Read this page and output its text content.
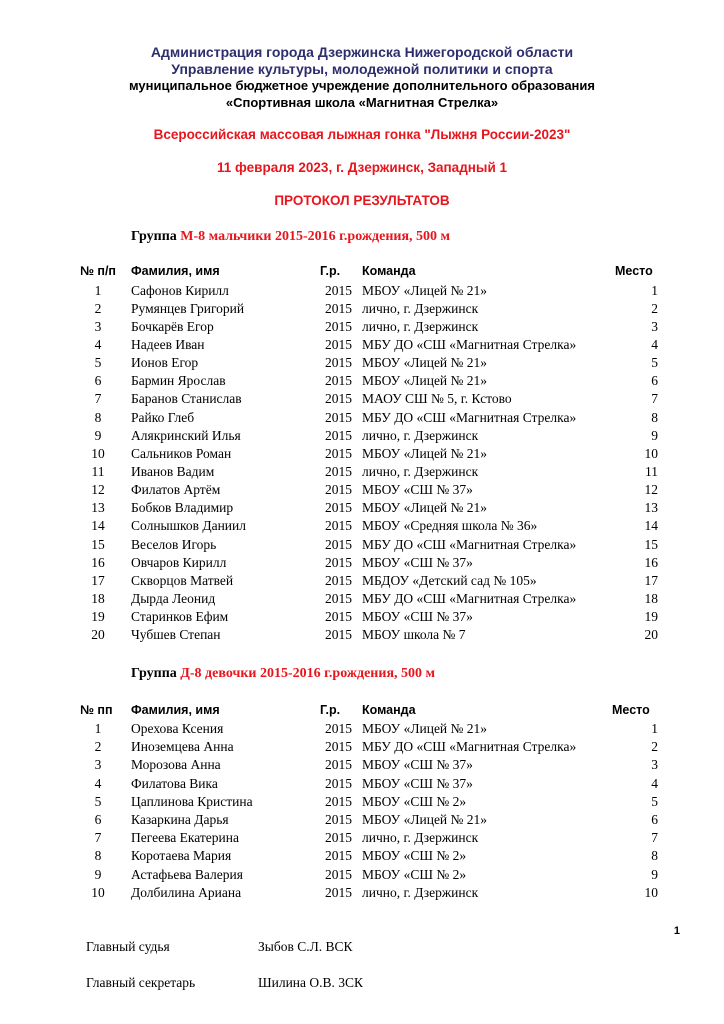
Администрация города Дзержинска Нижегородской области
Управление культуры, молодежной политики и спорта
муниципальное бюджетное учреждение дополнительного образования
«Спортивная школа «Магнитная Стрелка»
Всероссийская массовая лыжная гонка "Лыжня России-2023"
11 февраля 2023, г. Дзержинск, Западный 1
ПРОТОКОЛ РЕЗУЛЬТАТОВ
Группа М-8 мальчики 2015-2016 г.рождения, 500 м
№ п/п Фамилия, имя	Г.р. Команда	Место
1	Сафонов Кирилл	2015 МБОУ «Лицей № 21»	1
2	Румянцев Григорий	2015 лично, г. Дзержинск	2
3	Бочкарёв Егор	2015 лично, г. Дзержинск	3
4	Надеев Иван	2015 МБУ ДО «СШ «Магнитная Стрелка»	4
5	Ионов Егор	2015 МБОУ «Лицей № 21»	5
6	Бармин Ярослав	2015 МБОУ «Лицей № 21»	6
7	Баранов Станислав	2015 МАОУ СШ № 5, г. Кстово	7
8	Райко Глеб	2015 МБУ ДО «СШ «Магнитная Стрелка»	8
9	Аляк‌ринский Илья	2015 лично, г. Дзержинск	9
10	Сальников Роман	2015 МБОУ «Лицей № 21»	10
11	Иванов Вадим	2015 лично, г. Дзержинск	11
12	Филатов Артём	2015 МБОУ «СШ № 37»	12
13	Бобков Владимир	2015 МБОУ «Лицей № 21»	13
14	Солнышков Даниил	2015 МБОУ «Средняя школа № 36»	14
15	Веселов Игорь	2015 МБУ ДО «СШ «Магнитная Стрелка»	15
16	Овчаров Кирилл	2015 МБОУ «СШ № 37»	16
17	Скворцов Матвей	2015 МБДОУ «Детский сад № 105»	17
18	Дырда Леонид	2015 МБУ ДО «СШ «Магнитная Стрелка»	18
19	Старинков Ефим	2015 МБОУ «СШ № 37»	19
20	Чубшев Степан	2015 МБОУ школа № 7	20
Группа Д-8 девочки 2015-2016 г.рождения, 500 м
№ пп Фамилия, имя	Г.р. Команда	Место
1	Орехова Ксения	2015 МБОУ «Лицей № 21»	1
2	Иноземцева Анна	2015 МБУ ДО «СШ «Магнитная Стрелка»	2
3	Морозова Анна	2015 МБОУ «СШ № 37»	3
4	Филатова Вика	2015 МБОУ «СШ № 37»	4
5	Цаплинова Кристина	2015 МБОУ «СШ № 2»	5
6	Казаркина Дарья	2015 МБОУ «Лицей № 21»	6
7	Пегеева Екатерина	2015 лично, г. Дзержинск	7
8	Коротаева Мария	2015 МБОУ «СШ № 2»	8
9	Астафьева Валерия	2015 МБОУ «СШ № 2»	9
10	Долбилина Ариана	2015 лично, г. Дзержинск	10
1
Главный судья	Зыбов С.Л. ВСК
Главный секретарь	Шилина О.В. 3СК
